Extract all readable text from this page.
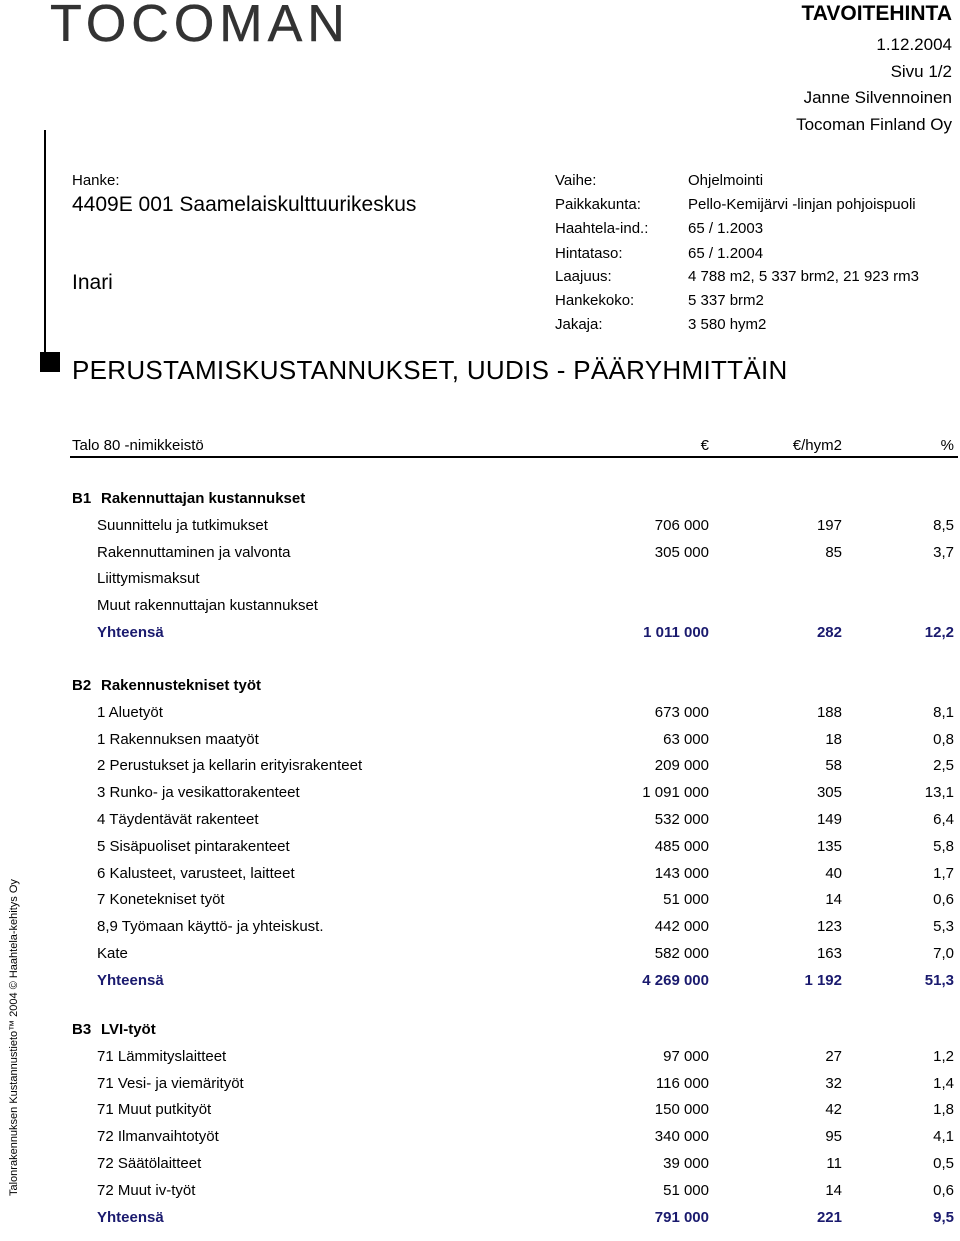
TOCOMAN	TAVOITEHINTA
1.12.2004
Sivu 1/2
Janne Silvennoinen
Tocoman Finland Oy
Hanke:
4409E 001 Saamelaiskulttuurikeskus
Inari
Vaihe:	Ohjelmointi
Paikkakunta:	Pello-Kemijärvi -linjan pohjoispuoli
Haahtela-ind.:	65 / 1.2003
Hintataso:	65 / 1.2004
Laajuus:	4 788 m2, 5 337 brm2, 21 923 rm3
Hankekoko:	5 337 brm2
Jakaja:	3 580 hym2
PERUSTAMISKUSTANNUKSET, UUDIS - PÄÄRYHMITTÄIN
Talo 80 -nimikkeistö	€	€/hym2	%
B1 Rakennuttajan kustannukset
Suunnittelu ja tutkimukset	706 000	197	8,5
Rakennuttaminen ja valvonta	305 000	85	3,7
Liittymismaksut
Muut rakennuttajan kustannukset
Yhteensä	1 011 000	282	12,2
B2 Rakennustekniset työt
1 Aluetyöt	673 000	188	8,1
1 Rakennuksen maatyöt	63 000	18	0,8
2 Perustukset ja kellarin erityisrakenteet	209 000	58	2,5
3 Runko- ja vesikattorakenteet	1 091 000	305	13,1
4 Täydentävät rakenteet	532 000	149	6,4
5 Sisäpuoliset pintarakenteet	485 000	135	5,8
6 Kalusteet, varusteet, laitteet	143 000	40	1,7
7 Konetekniset työt	51 000	14	0,6
8,9 Työmaan käyttö- ja yhteiskust.	442 000	123	5,3
Kate	582 000	163	7,0
Yhteensä	4 269 000	1 192	51,3
B3 LVI-työt
71 Lämmityslaitteet	97 000	27	1,2
71 Vesi- ja viemärityöt	116 000	32	1,4
71 Muut putkityöt	150 000	42	1,8
72 Ilmanvaihtotyöt	340 000	95	4,1
72 Säätölaitteet	39 000	11	0,5
72 Muut iv-työt	51 000	14	0,6
Yhteensä	791 000	221	9,5
Talonrakennuksen Kustannustieto™ 2004 © Haahtela-kehitys Oy
